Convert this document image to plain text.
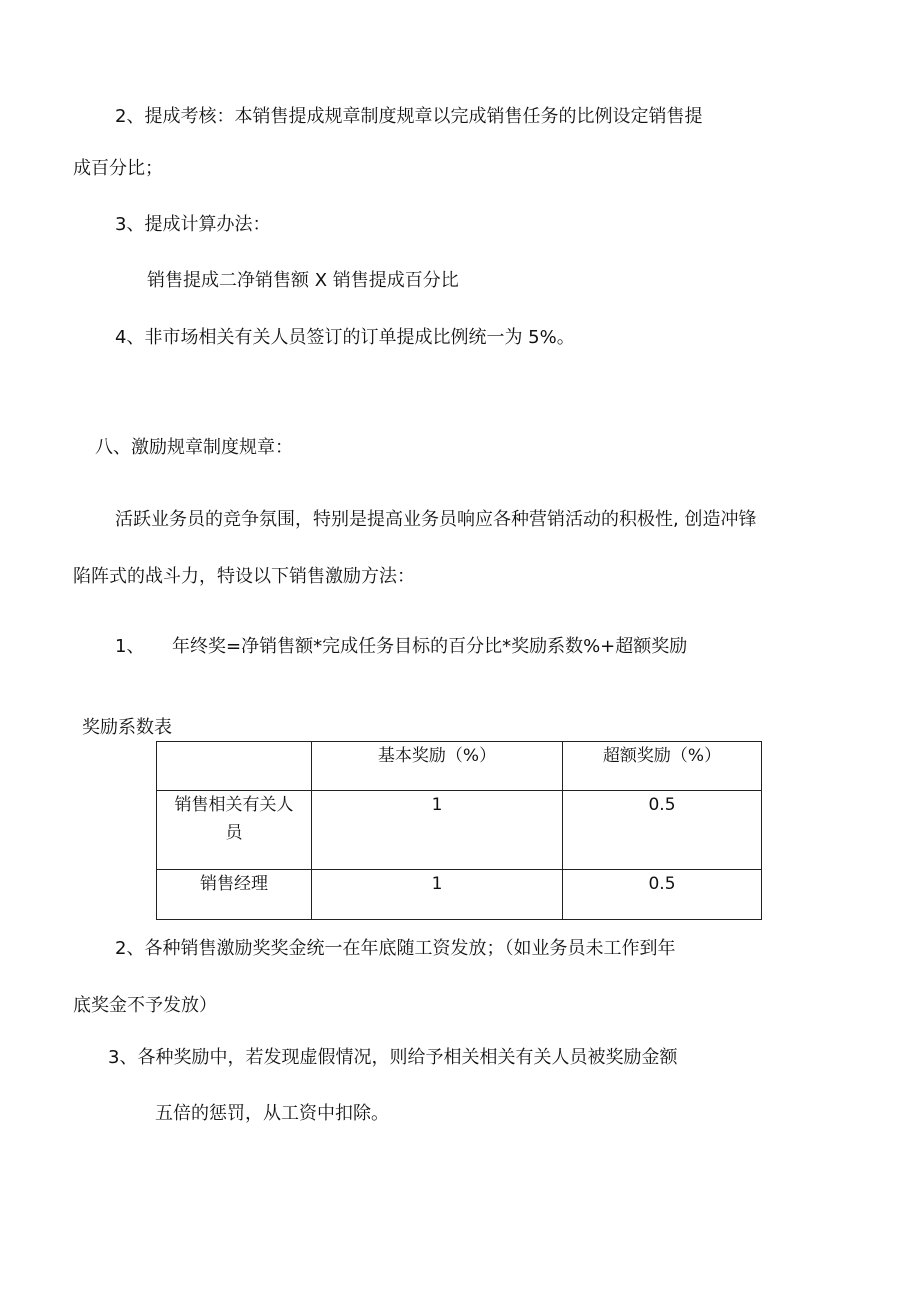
2、提成考核：本销售提成规章制度规章以完成销售任务的比例设定销售提
成百分比；
3、提成计算办法：
销售提成二净销售额 X 销售提成百分比
4、非市场相关有关人员签订的订单提成比例统一为 5%。
八、激励规章制度规章：
活跃业务员的竞争氛围，特别是提高业务员响应各种营销活动的积极性, 创造冲锋
陷阵式的战斗力，特设以下销售激励方法：
1、 年终奖=净销售额*完成任务目标的百分比*奖励系数%+超额奖励
奖励系数表
	基本奖励（%）	超额奖励（%）

销售相关有关人
员	1	0.5

销售经理	1	0.5
2、各种销售激励奖奖金统一在年底随工资发放；（如业务员未工作到年
底奖金不予发放）
3、各种奖励中，若发现虚假情况，则给予相关相关有关人员被奖励金额
五倍的惩罚，从工资中扣除。
